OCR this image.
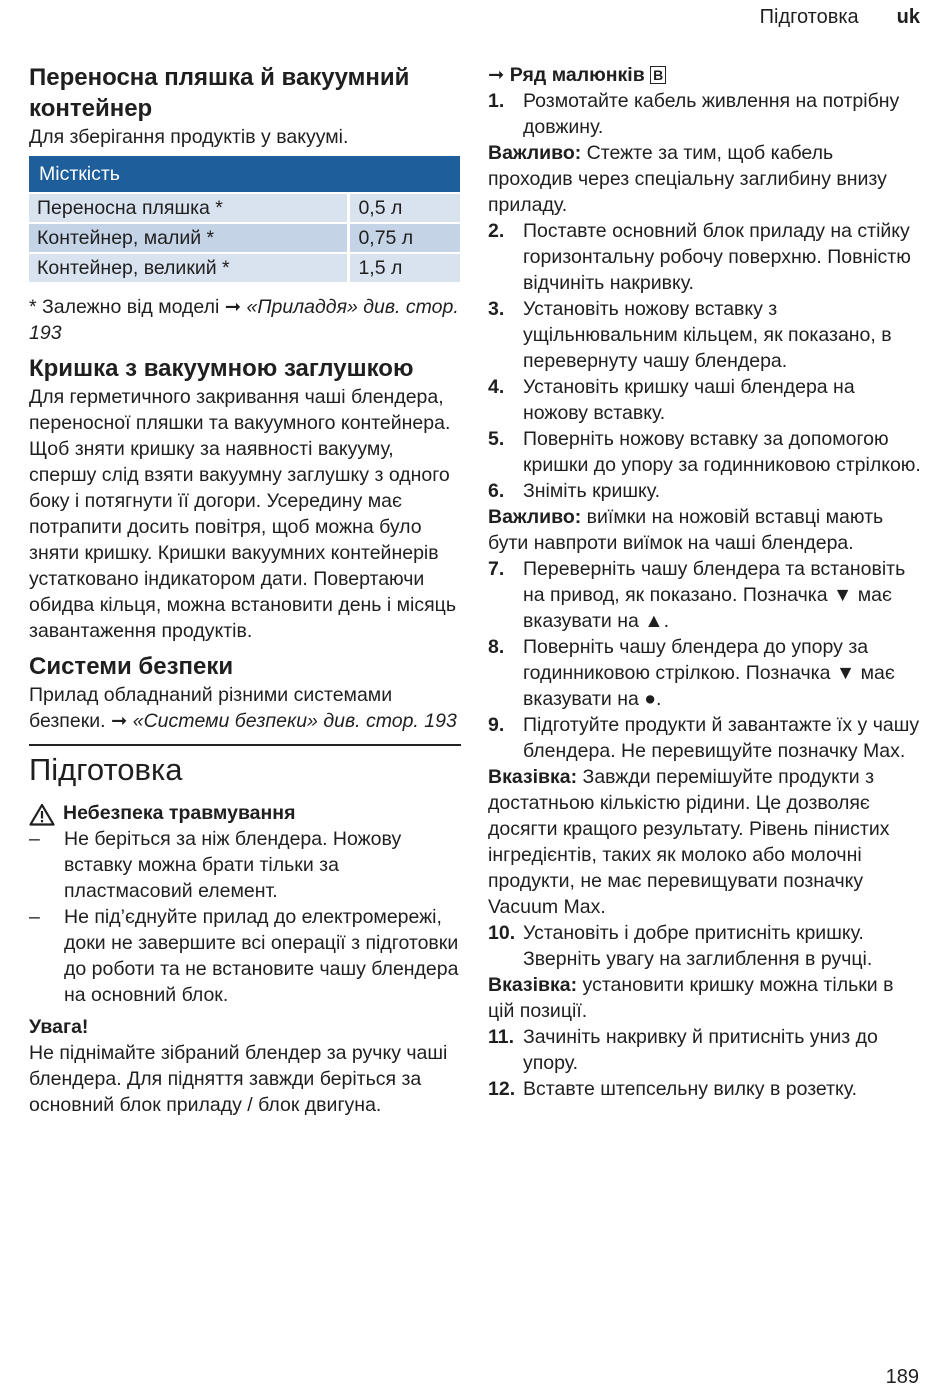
Підготовка uk
Переносна пляшка й вакуумний контейнер

Для зберігання продуктів у вакуумі.

Місткість	
Переносна пляшка *	0,5 л
Контейнер, малий *	0,75 л
Контейнер, великий *	1,5 л

* Залежно від моделі ➞ «Приладдя» див. стор. 193

Кришка з вакуумною заглушкою

Для герметичного закривання чаші блендера, переносної пляшки та вакуумного контейнера. Щоб зняти кришку за наявності вакууму, спершу слід взяти вакуумну заглушку з одного боку і потягнути її догори. Усередину має потрапити досить повітря, щоб можна було зняти кришку. Кришки вакуумних контейнерів устатковано індикатором дати. Повертаючи обидва кільця, можна встановити день і місяць завантаження продуктів.

Системи безпеки

Прилад обладнаний різними системами безпеки. ➞ «Системи безпеки» див. стор. 193

Підготовка
Небезпека травмування
– Не беріться за ніж блендера. Ножову вставку можна брати тільки за пластмасовий елемент.
– Не під’єднуйте прилад до електромережі, доки не завершите всі операції з підготовки до роботи та не встановите чашу блендера на основний блок.

Увага!

Не піднімайте зібраний блендер за ручку чаші блендера. Для підняття завжди беріться за основний блок приладу / блок двигуна.

➞ Ряд малюнків B

1. Розмотайте кабель живлення на потрібну довжину.

Важливо: Стежте за тим, щоб кабель проходив через спеціальну заглибину внизу приладу.

2. Поставте основний блок приладу на стійку горизонтальну робочу поверхню. Повністю відчиніть накривку.
3. Установіть ножову вставку з ущільнювальним кільцем, як показано, в перевернуту чашу блендера.
4. Установіть кришку чаші блендера на ножову вставку.
5. Поверніть ножову вставку за допомогою кришки до упору за годинниковою стрілкою.
6. Зніміть кришку.

Важливо: виїмки на ножовій вставці мають бути навпроти виїмок на чаші блендера.

7. Переверніть чашу блендера та встановіть на привод, як показано. Позначка ▼ має вказувати на ▲.
8. Поверніть чашу блендера до упору за годинниковою стрілкою. Позначка ▼ має вказувати на ●.
9. Підготуйте продукти й завантажте їх у чашу блендера. Не перевищуйте позначку Max.

Вказівка: Завжди перемішуйте продукти з достатньою кількістю рідини. Це дозволяє досягти кращого результату. Рівень пінистих інгредієнтів, таких як молоко або молочні продукти, не має перевищувати позначку Vacuum Max.

10. Установіть і добре притисніть кришку. Зверніть увагу на заглиблення в ручці.

Вказівка: установити кришку можна тільки в цій позиції.

11. Зачиніть накривку й притисніть униз до упору.
12. Вставте штепсельну вилку в розетку.
189
